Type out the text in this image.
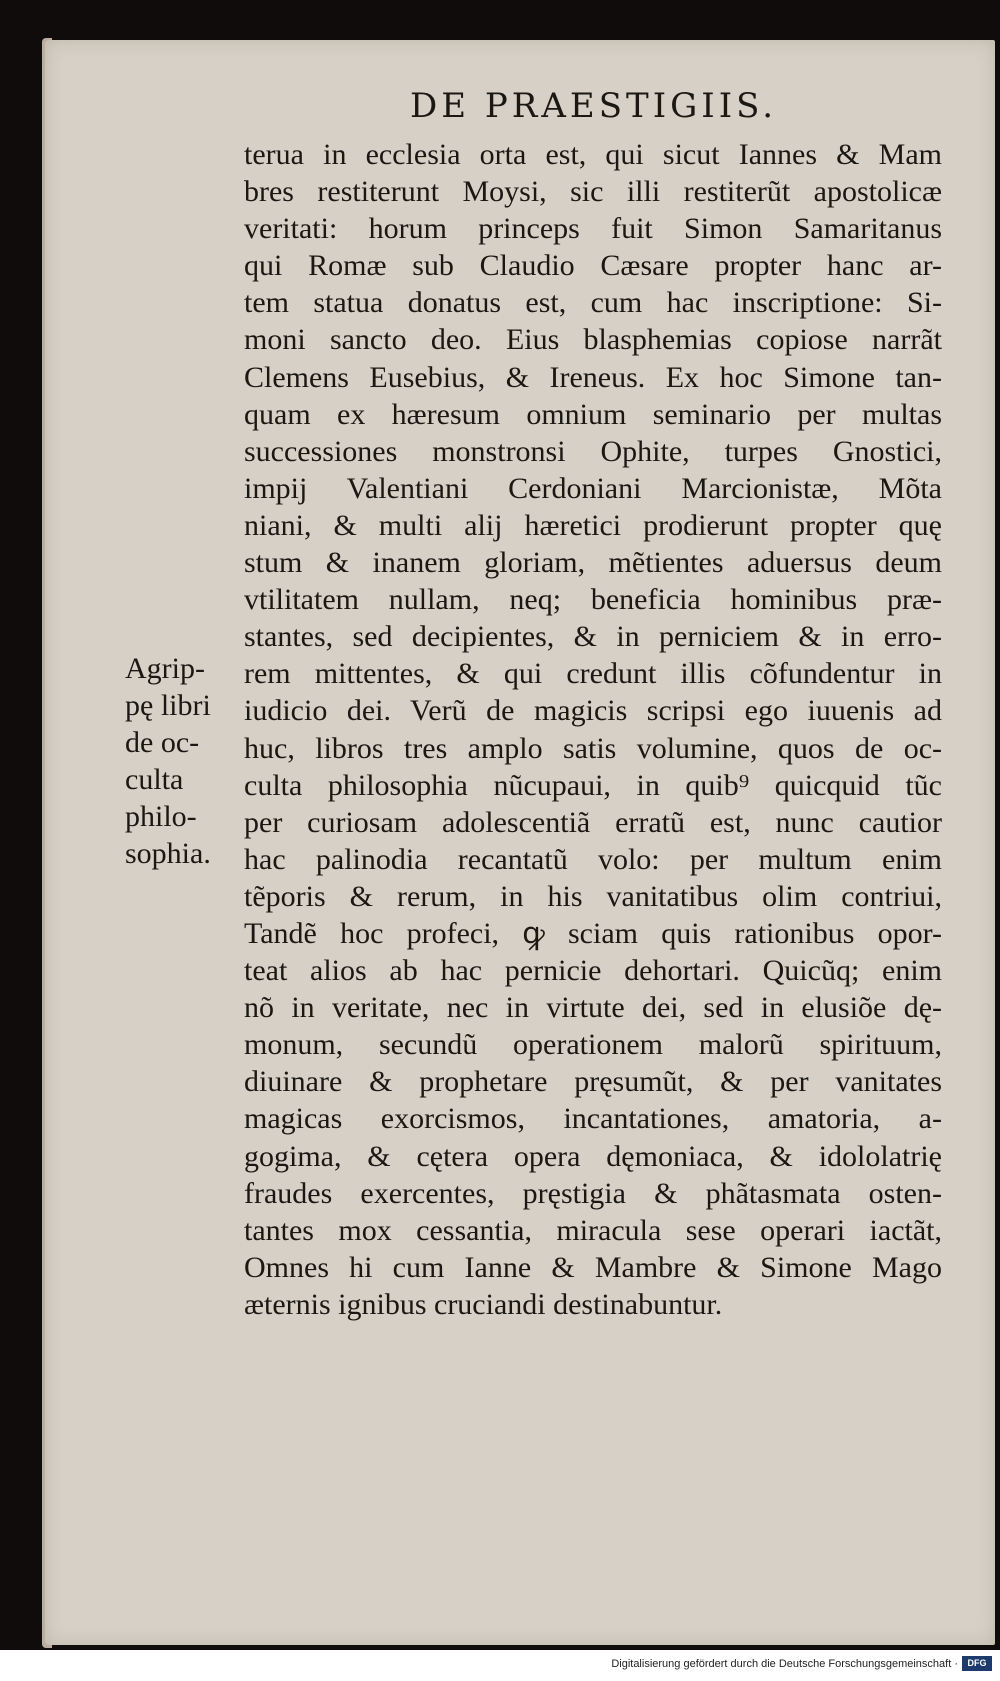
DE PRAESTIGIIS.
terua in ecclesia orta est, qui sicut Iannes & Mam
bres restiterunt Moysi, sic illi restiterũt apostolicæ
veritati: horum princeps fuit Simon Samaritanus
qui Romæ sub Claudio Cæsare propter hanc ar-
tem statua donatus est, cum hac inscriptione: Si-
moni sancto deo. Eius blasphemias copiose narrãt
Clemens Eusebius, & Ireneus. Ex hoc Simone tan-
quam ex hæresum omnium seminario per multas
successiones monstronsi Ophite, turpes Gnostici,
impij Valentiani Cerdoniani Marcionistæ, Mõta
niani, & multi alij hæretici prodierunt propter quę
stum & inanem gloriam, mẽtientes aduersus deum
vtilitatem nullam, neq; beneficia hominibus præ-
stantes, sed decipientes, & in perniciem & in erro-
rem mittentes, & qui credunt illis cõfundentur in
iudicio dei. Verũ de magicis scripsi ego iuuenis ad
huc, libros tres amplo satis volumine, quos de oc-
culta philosophia nũcupaui, in quib⁹ quicquid tũc
per curiosam adolescentiã erratũ est, nunc cautior
hac palinodia recantatũ volo: per multum enim
tẽporis & rerum, in his vanitatibus olim contriui,
Tandẽ hoc profeci, ꝙ sciam quis rationibus opor-
teat alios ab hac pernicie dehortari. Quicũq; enim
nõ in veritate, nec in virtute dei, sed in elusiõe dę-
monum, secundũ operationem malorũ spirituum,
diuinare & prophetare pręsumũt, & per vanitates
magicas exorcismos, incantationes, amatoria, a-
gogima, & cętera opera dęmoniaca, & idololatrię
fraudes exercentes, pręstigia & phãtasmata osten-
tantes mox cessantia, miracula sese operari iactãt,
Omnes hi cum Ianne & Mambre & Simone Mago
æternis ignibus cruciandi destinabuntur.
Agrip-
pę libri
de oc-
culta
philo-
sophia.
Digitalisierung gefördert durch die Deutsche Forschungsgemeinschaft ·	DFG
